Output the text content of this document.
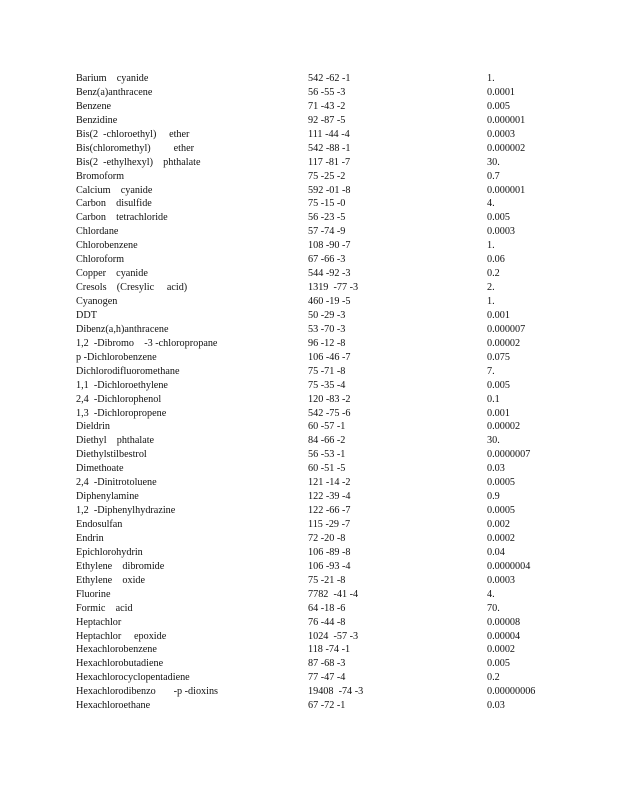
Barium    cyanide	542 -62 -1	1.
Benz(a)anthracene	56 -55 -3	0.0001
Benzene	71 -43 -2	0.005
Benzidine	92 -87 -5	0.000001
Bis(2  -chloroethyl)     ether	111 -44 -4	0.0003
Bis(chloromethyl)         ether	542 -88 -1	0.000002
Bis(2  -ethylhexyl)    phthalate	117 -81 -7	30.
Bromoform	75 -25 -2	0.7
Calcium    cyanide	592 -01 -8	0.000001
Carbon    disulfide	75 -15 -0	4.
Carbon    tetrachloride	56 -23 -5	0.005
Chlordane	57 -74 -9	0.0003
Chlorobenzene	108 -90 -7	1.
Chloroform	67 -66 -3	0.06
Copper    cyanide	544 -92 -3	0.2
Cresols    (Cresylic     acid)	1319  -77 -3	2.
Cyanogen	460 -19 -5	1.
DDT	50 -29 -3	0.001
Dibenz(a,h)anthracene	53 -70 -3	0.000007
1,2  -Dibromo    -3 -chloropropane	96 -12 -8	0.00002
p -Dichlorobenzene	106 -46 -7	0.075
Dichlorodifluoromethane	75 -71 -8	7.
1,1  -Dichloroethylene	75 -35 -4	0.005
2,4  -Dichlorophenol	120 -83 -2	0.1
1,3  -Dichloropropene	542 -75 -6	0.001
Dieldrin	60 -57 -1	0.00002
Diethyl    phthalate	84 -66 -2	30.
Diethylstilbestrol	56 -53 -1	0.0000007
Dimethoate	60 -51 -5	0.03
2,4  -Dinitrotoluene	121 -14 -2	0.0005
Diphenylamine	122 -39 -4	0.9
1,2  -Diphenylhydrazine	122 -66 -7	0.0005
Endosulfan	115 -29 -7	0.002
Endrin	72 -20 -8	0.0002
Epichlorohydrin	106 -89 -8	0.04
Ethylene    dibromide	106 -93 -4	0.0000004
Ethylene    oxide	75 -21 -8	0.0003
Fluorine	7782  -41 -4	4.
Formic    acid	64 -18 -6	70.
Heptachlor	76 -44 -8	0.00008
Heptachlor     epoxide	1024  -57 -3	0.00004
Hexachlorobenzene	118 -74 -1	0.0002
Hexachlorobutadiene	87 -68 -3	0.005
Hexachlorocyclopentadiene	77 -47 -4	0.2
Hexachlorodibenzo       -p -dioxins	19408  -74 -3	0.00000006
Hexachloroethane	67 -72 -1	0.03
